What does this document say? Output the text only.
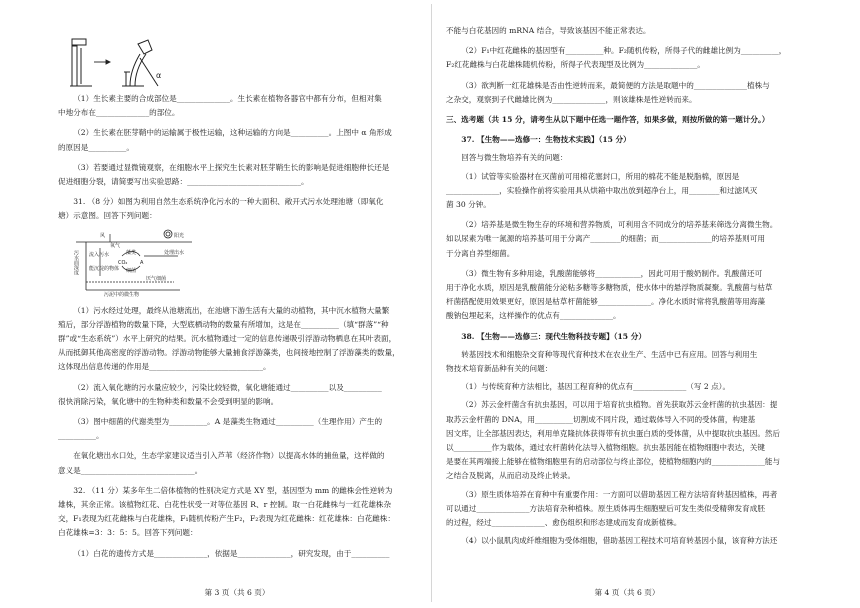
α
污水面深度
风
氧气
阳光
流入污水	藻类	处理出水
CO₂	A
细菌
能沉淀的物体
污泥中的微生物
厌气细菌

（1）生长素主要的合成部位是______________。生长素在植物各器官中都有分布，但相对集

中地分布在______________的部位。

（2）生长素在胚芽鞘中的运输属于极性运输，这种运输的方向是__________。上图中 α 角形成

的原因是__________。

（3）若要通过显微镜观察，在细胞水平上探究生长素对胚芽鞘生长的影响是促进细胞伸长还是

促进细胞分裂，请简要写出实验思路：______________________________。

31. （8 分）如图为利用自然生态系统净化污水的一种大面积、敞开式污水处理池塘（即氧化

塘）示意图。回答下列问题：

（1）污水经过处理，最终从池塘流出，在池塘下游生活有大量的动植物，其中沉水植物大量繁

殖后，部分浮游植物的数量下降，大型底栖动物的数量有所增加，这是在__________（填“群落”“种

群”或“生态系统”）水平上研究的结果。沉水植物通过一定的信息传递吸引浮游动物栖息在其叶表面，

从而抵御其他高密度的浮游动物。浮游动物能够大量捕食浮游藻类，也间接地控制了浮游藻类的数量，

这体现出信息传递的作用是______________________________。

（2）流入氧化塘的污水量应较少，污染比较轻微，氧化塘能通过__________以及__________

很快消除污染，氧化塘中的生物种类和数量不会受到明显的影响。

（3）图中细菌的代谢类型为__________。A 是藻类生物通过__________（生理作用）产生的

__________。

在氧化塘出水口处，生态学家建议适当引入芦苇（经济作物）以提高水体的捕鱼量，这样做的

意义是______________________________。

32. （11 分）某多年生二倍体植物的性别决定方式是 XY 型，基因型为 mm 的雌株会性逆转为

雄株，其余正常。该植物红花、白花性状受一对等位基因 R、r 控制。取一白花雌株与一红花雄株杂

交，F₁表现为红花雌株与白花雄株，F₁随机传粉产生F₂，F₂表现为红花雌株：红花雄株：白花雌株：

白花雄株=3：3：5：5。回答下列问题：

（1）白花的遗传方式是______________，依据是______________，研究发现，由于__________

不能与白花基因的 mRNA 结合，导致该基因不能正常表达。

（2）F₁中红花雌株的基因型有__________种。F₂随机传粉，所得子代的雌雄比例为__________，

F₂红花雌株与白花雄株随机传粉，所得子代表现型及比例为______________。

（3）欲判断一红花雄株是否由性逆转而来，最简便的方法是取题中的______________植株与

之杂交，观察到子代雌雄比例为______________，则该雄株是性逆转而来。

三、选考题（共 15 分，请考生从以下题中任选一题作答，如果多做，则按所做的第一题计分。）

37. 【生物——选修一：生物技术实践】（15 分）

回答与微生物培养有关的问题：

（1）试管等实验器材在灭菌前可用棉花塞封口，所用的棉花不能是脱脂棉，原因是

______________，实验操作前将实验用具从烘箱中取出放到超净台上，用________和过滤风灭

菌 30 分钟。

（2）培养基是微生物生存的环境和营养物质，可利用含不同成分的培养基来筛选分离微生物。

如以尿素为唯一氮源的培养基可用于分离产________的细菌；而______________的培养基则可用

于分离自养型细菌。

（3）微生物有多种用途，乳酸菌能够将____________，因此可用于酸奶制作。乳酸菌还可

用于净化水质，原因是乳酸菌能分泌粘多糖等多糖物质，使水体中的悬浮物质凝聚。乳酸菌与枯草

杆菌搭配使用效果更好，原因是枯草杆菌能够______________。净化水质时常将乳酸菌等用海藻

酸钠包埋起来，这样操作的优点有______________。

38. 【生物——选修三：现代生物科技专题】（15 分）

转基因技术和细胞杂交育种等现代育种技术在农业生产、生活中已有应用。回答与利用生

物技术培育新品种有关的问题：

（1）与传统育种方法相比，基因工程育种的优点有______________（写 2 点）。

（2）苏云金杆菌含有抗虫基因，可以用于培育抗虫植物。首先获取苏云金杆菌的抗虫基因：提

取苏云金杆菌的 DNA，用__________切割成不同片段，通过载体导入不同的受体菌，构建基

因文库，让全部基因表达，利用单克隆抗体获得带有抗虫蛋白质的受体菌，从中提取抗虫基因。然后

以__________作为载体，通过农杆菌转化法导入植物细胞。抗虫基因能在植物细胞中表达，关键

是要在其两端接上能够在植物细胞里有的启动部位与终止部位，使植物细胞内的______________能与

之结合及脱离，从而启动及终止转录。

（3）原生质体培养在育种中有重要作用：一方面可以借助基因工程方法培育转基因植株，再者

可以通过______________方法培育杂种植株。原生质体再生细胞壁后可发生类似受精卵发育成胚

的过程，经过______________、愈伤组织和形态建成而发育成新植株。

（4）以小鼠肌肉成纤维细胞为受体细胞，借助基因工程技术可培育转基因小鼠，该育种方法还

第 3 页（共 6 页）	第 4 页（共 6 页）
